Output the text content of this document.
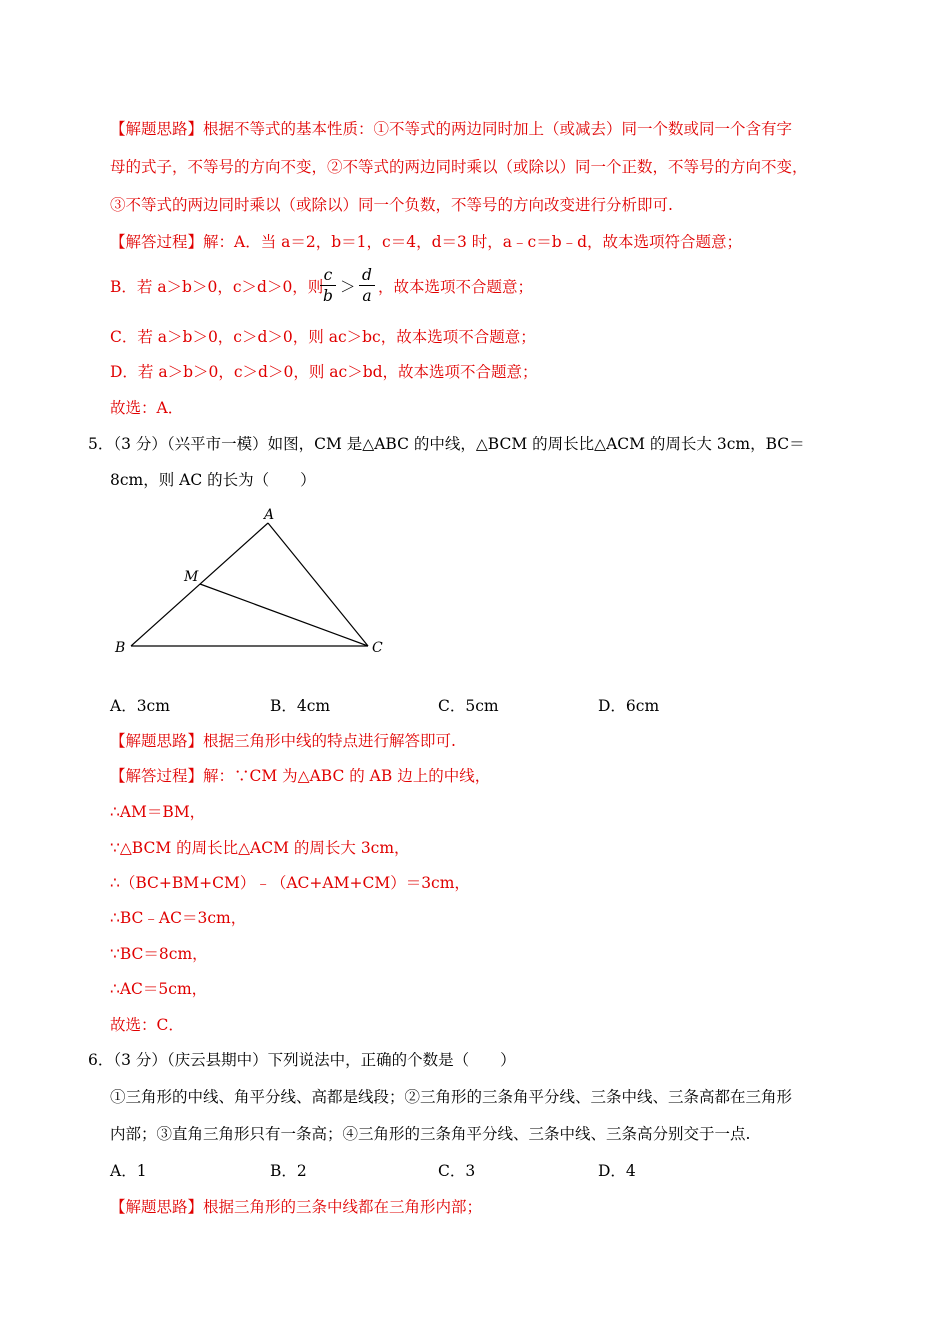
【解题思路】根据不等式的基本性质：①不等式的两边同时加上（或减去）同一个数或同一个含有字
母的式子，不等号的方向不变，②不等式的两边同时乘以（或除以）同一个正数，不等号的方向不变，
③不等式的两边同时乘以（或除以）同一个负数，不等号的方向改变进行分析即可.
【解答过程】解：A．当 a＝2，b＝1，c＝4，d＝3 时，a﹣c＝b﹣d，故本选项符合题意；
B．若 a＞b＞0，c＞d＞0，则
c
b ＞
d
a ，故本选项不合题意；
C．若 a＞b＞0，c＞d＞0，则 ac＞bc，故本选项不合题意；
D．若 a＞b＞0，c＞d＞0，则 ac＞bd，故本选项不合题意；
故选：A．
5．（3 分）（兴平市一模）如图，CM 是△ABC 的中线，△BCM 的周长比△ACM 的周长大 3cm，BC＝
8cm，则 AC 的长为（　　）
A
M
B	C
A．3cm	B．4cm	C．5cm	D．6cm
【解题思路】根据三角形中线的特点进行解答即可.
【解答过程】解：∵CM 为△ABC 的 AB 边上的中线，
∴AM＝BM，
∵△BCM 的周长比△ACM 的周长大 3cm，
∴（BC+BM+CM）﹣（AC+AM+CM）＝3cm，
∴BC﹣AC＝3cm，
∵BC＝8cm，
∴AC＝5cm，
故选：C．
6．（3 分）（庆云县期中）下列说法中，正确的个数是（　　）
①三角形的中线、角平分线、高都是线段；②三角形的三条角平分线、三条中线、三条高都在三角形
内部；③直角三角形只有一条高；④三角形的三条角平分线、三条中线、三条高分别交于一点.
A．1	B．2	C．3	D．4
【解题思路】根据三角形的三条中线都在三角形内部；
